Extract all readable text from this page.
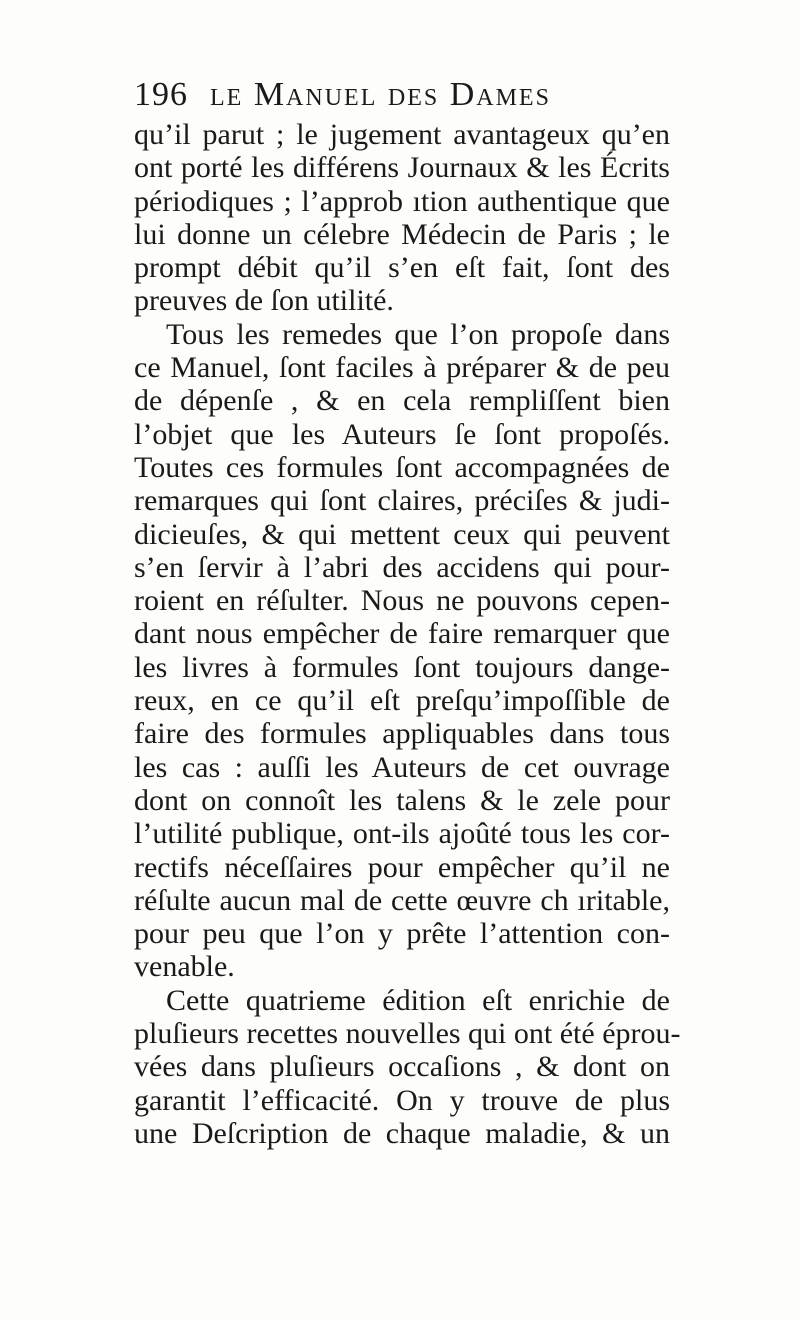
196 le Manuel des Dames
qu’il parut ; le jugement avantageux qu’en
ont porté les différens Journaux & les Écrits
périodiques ; l’approb ıtion authentique que
lui donne un célebre Médecin de Paris ; le
prompt débit qu’il s’en eſt fait, ſont des
preuves de ſon utilité.
Tous les remedes que l’on propoſe dans
ce Manuel, ſont faciles à préparer & de peu
de dépenſe , & en cela rempliſſent bien
l’objet que les Auteurs ſe ſont propoſés.
Toutes ces formules ſont accompagnées de
remarques qui ſont claires, préciſes & judi-
dicieuſes, & qui mettent ceux qui peuvent
s’en ſervir à l’abri des accidens qui pour-
roient en réſulter. Nous ne pouvons cepen-
dant nous empêcher de faire remarquer que
les livres à formules ſont toujours dange-
reux, en ce qu’il eſt preſqu’impoſſible de
faire des formules appliquables dans tous
les cas : auſſi les Auteurs de cet ouvrage
dont on connoît les talens & le zele pour
l’utilité publique, ont-ils ajoûté tous les cor-
rectifs néceſſaires pour empêcher qu’il ne
réſulte aucun mal de cette œuvre ch ıritable,
pour peu que l’on y prête l’attention con-
venable.
Cette quatrieme édition eſt enrichie de
pluſieurs recettes nouvelles qui ont été éprou-
vées dans pluſieurs occaſions , & dont on
garantit l’efficacité. On y trouve de plus
une Deſcription de chaque maladie, & un
